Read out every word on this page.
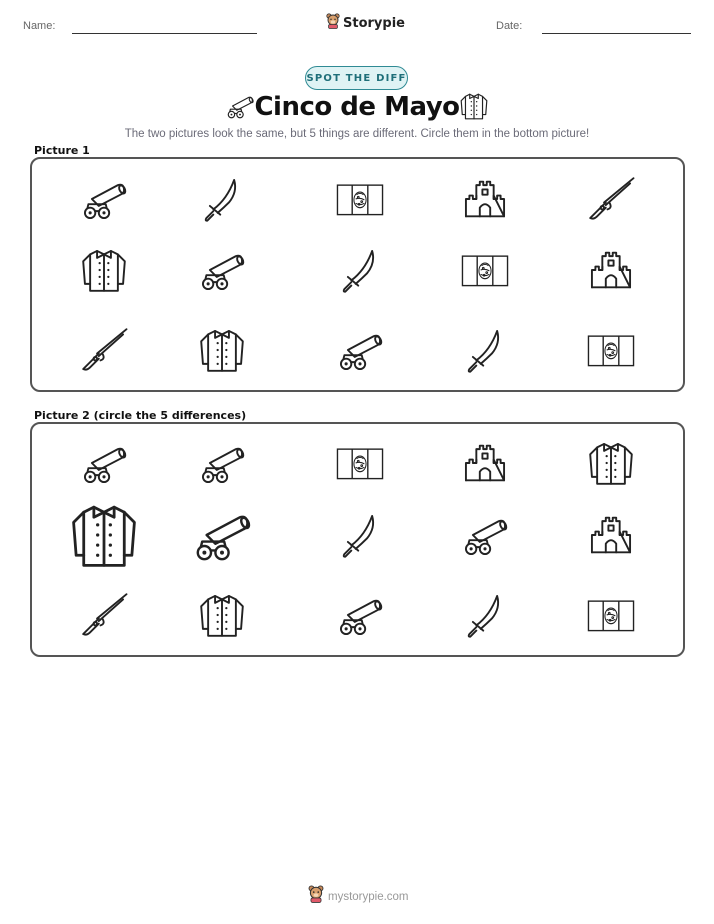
Name:	Storypie	Date:
SPOT THE DIFF
Cinco de Mayo
The two pictures look the same, but 5 things are different. Circle them in the bottom picture!
Picture 1
Picture 2 (circle the 5 differences)
mystorypie.com
